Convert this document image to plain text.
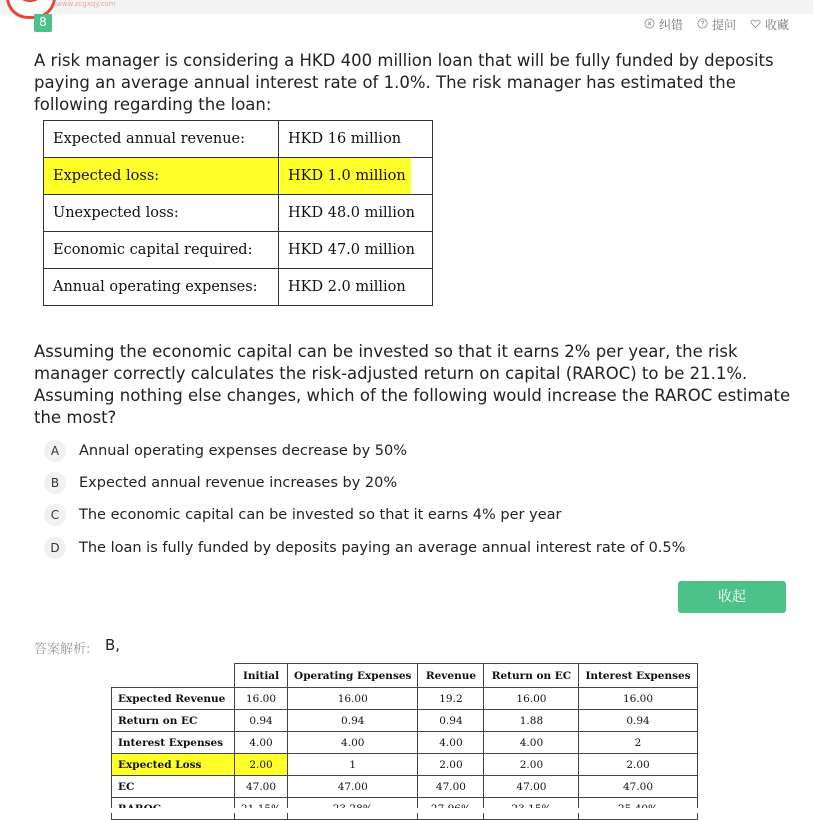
www.zcgxqy.com
8	纠错 提问 收藏
A risk manager is considering a HKD 400 million loan that will be fully funded by deposits paying an average annual interest rate of 1.0%. The risk manager has estimated the following regarding the loan:
Expected annual revenue:	HKD 16 million
Expected loss:	HKD 1.0 million
Unexpected loss:	HKD 48.0 million
Economic capital required:	HKD 47.0 million
Annual operating expenses:	HKD 2.0 million
Assuming the economic capital can be invested so that it earns 2% per year, the risk manager correctly calculates the risk-adjusted return on capital (RAROC) to be 21.1%. Assuming nothing else changes, which of the following would increase the RAROC estimate the most?
A	Annual operating expenses decrease by 50%
B	Expected annual revenue increases by 20%
C	The economic capital can be invested so that it earns 4% per year
D	The loan is fully funded by deposits paying an average annual interest rate of 0.5%
收起
答案解析: B,
	Initial	Operating Expenses	Revenue	Return on EC	Interest Expenses
Expected Revenue	16.00	16.00	19.2	16.00	16.00
Return on EC	0.94	0.94	0.94	1.88	0.94
Interest Expenses	4.00	4.00	4.00	4.00	2
Expected Loss	2.00	1	2.00	2.00	2.00
EC	47.00	47.00	47.00	47.00	47.00
